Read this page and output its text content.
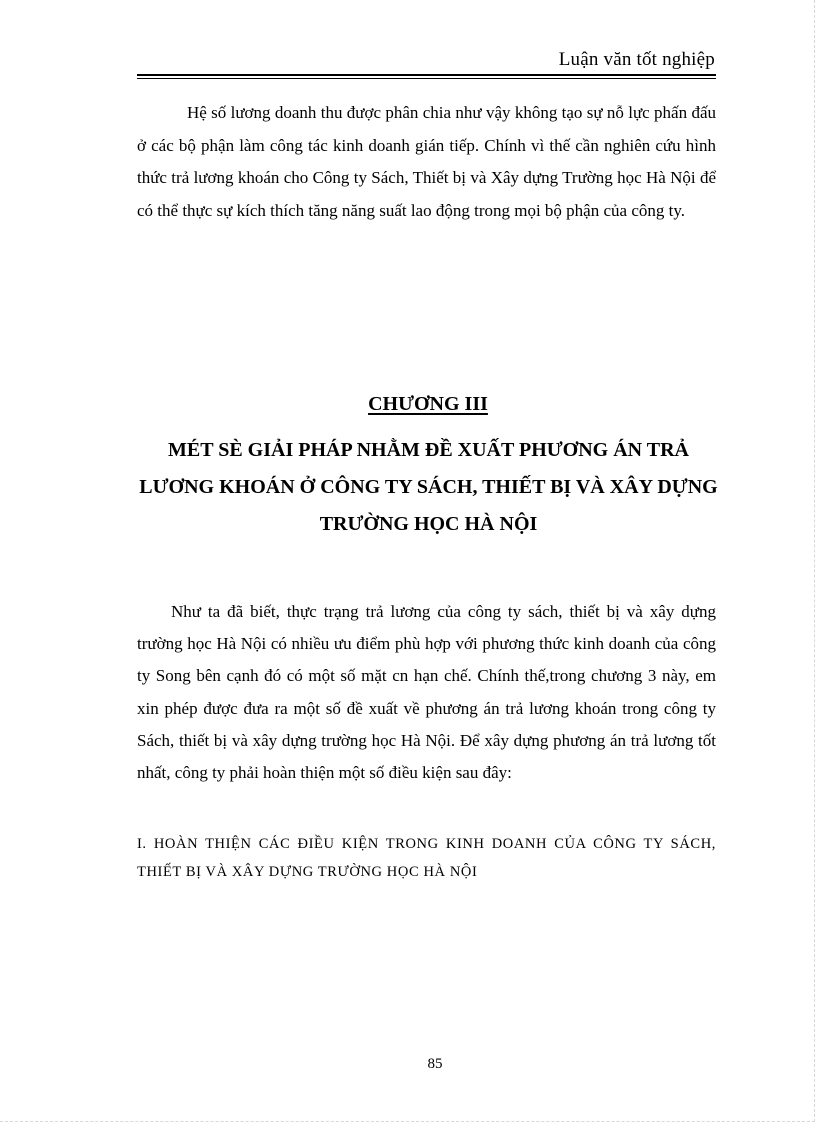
Luận văn tốt nghiệp

Hệ số lương doanh thu được phân chia như vậy không tạo sự nỗ lực phấn đấu ở các bộ phận làm công tác kinh doanh gián tiếp. Chính vì thế cần nghiên cứu hình thức trả lương khoán cho Công ty Sách, Thiết bị và Xây dựng Trường học Hà Nội để có thể thực sự kích thích tăng năng suất lao động trong mọi bộ phận của công ty.

CHƯƠNG III
MÉT SÈ GIẢI PHÁP NHẰM ĐỀ XUẤT PHƯƠNG ÁN TRẢ LƯƠNG KHOÁN Ở CÔNG TY SÁCH, THIẾT BỊ VÀ XÂY DỰNG TRƯỜNG HỌC HÀ NỘI

Như ta đã biết, thực trạng trả lương của công ty sách, thiết bị và xây dựng trường học Hà Nội có nhiều ưu điểm phù hợp với phương thức kinh doanh của công ty Song bên cạnh đó có một số mặt cn hạn chế. Chính thế,trong chương 3 này, em xin phép được đưa ra một số đề xuất về phương án trả lương khoán trong công ty Sách, thiết bị và xây dựng trường học Hà Nội. Để xây dựng phương án trả lương tốt nhất, công ty phải hoàn thiện một số điều kiện sau đây:

I. HOÀN THIỆN CÁC ĐIỀU KIỆN TRONG KINH DOANH CỦA CÔNG TY SÁCH, THIẾT BỊ VÀ XÂY DỰNG TRƯỜNG HỌC HÀ NỘI

85
